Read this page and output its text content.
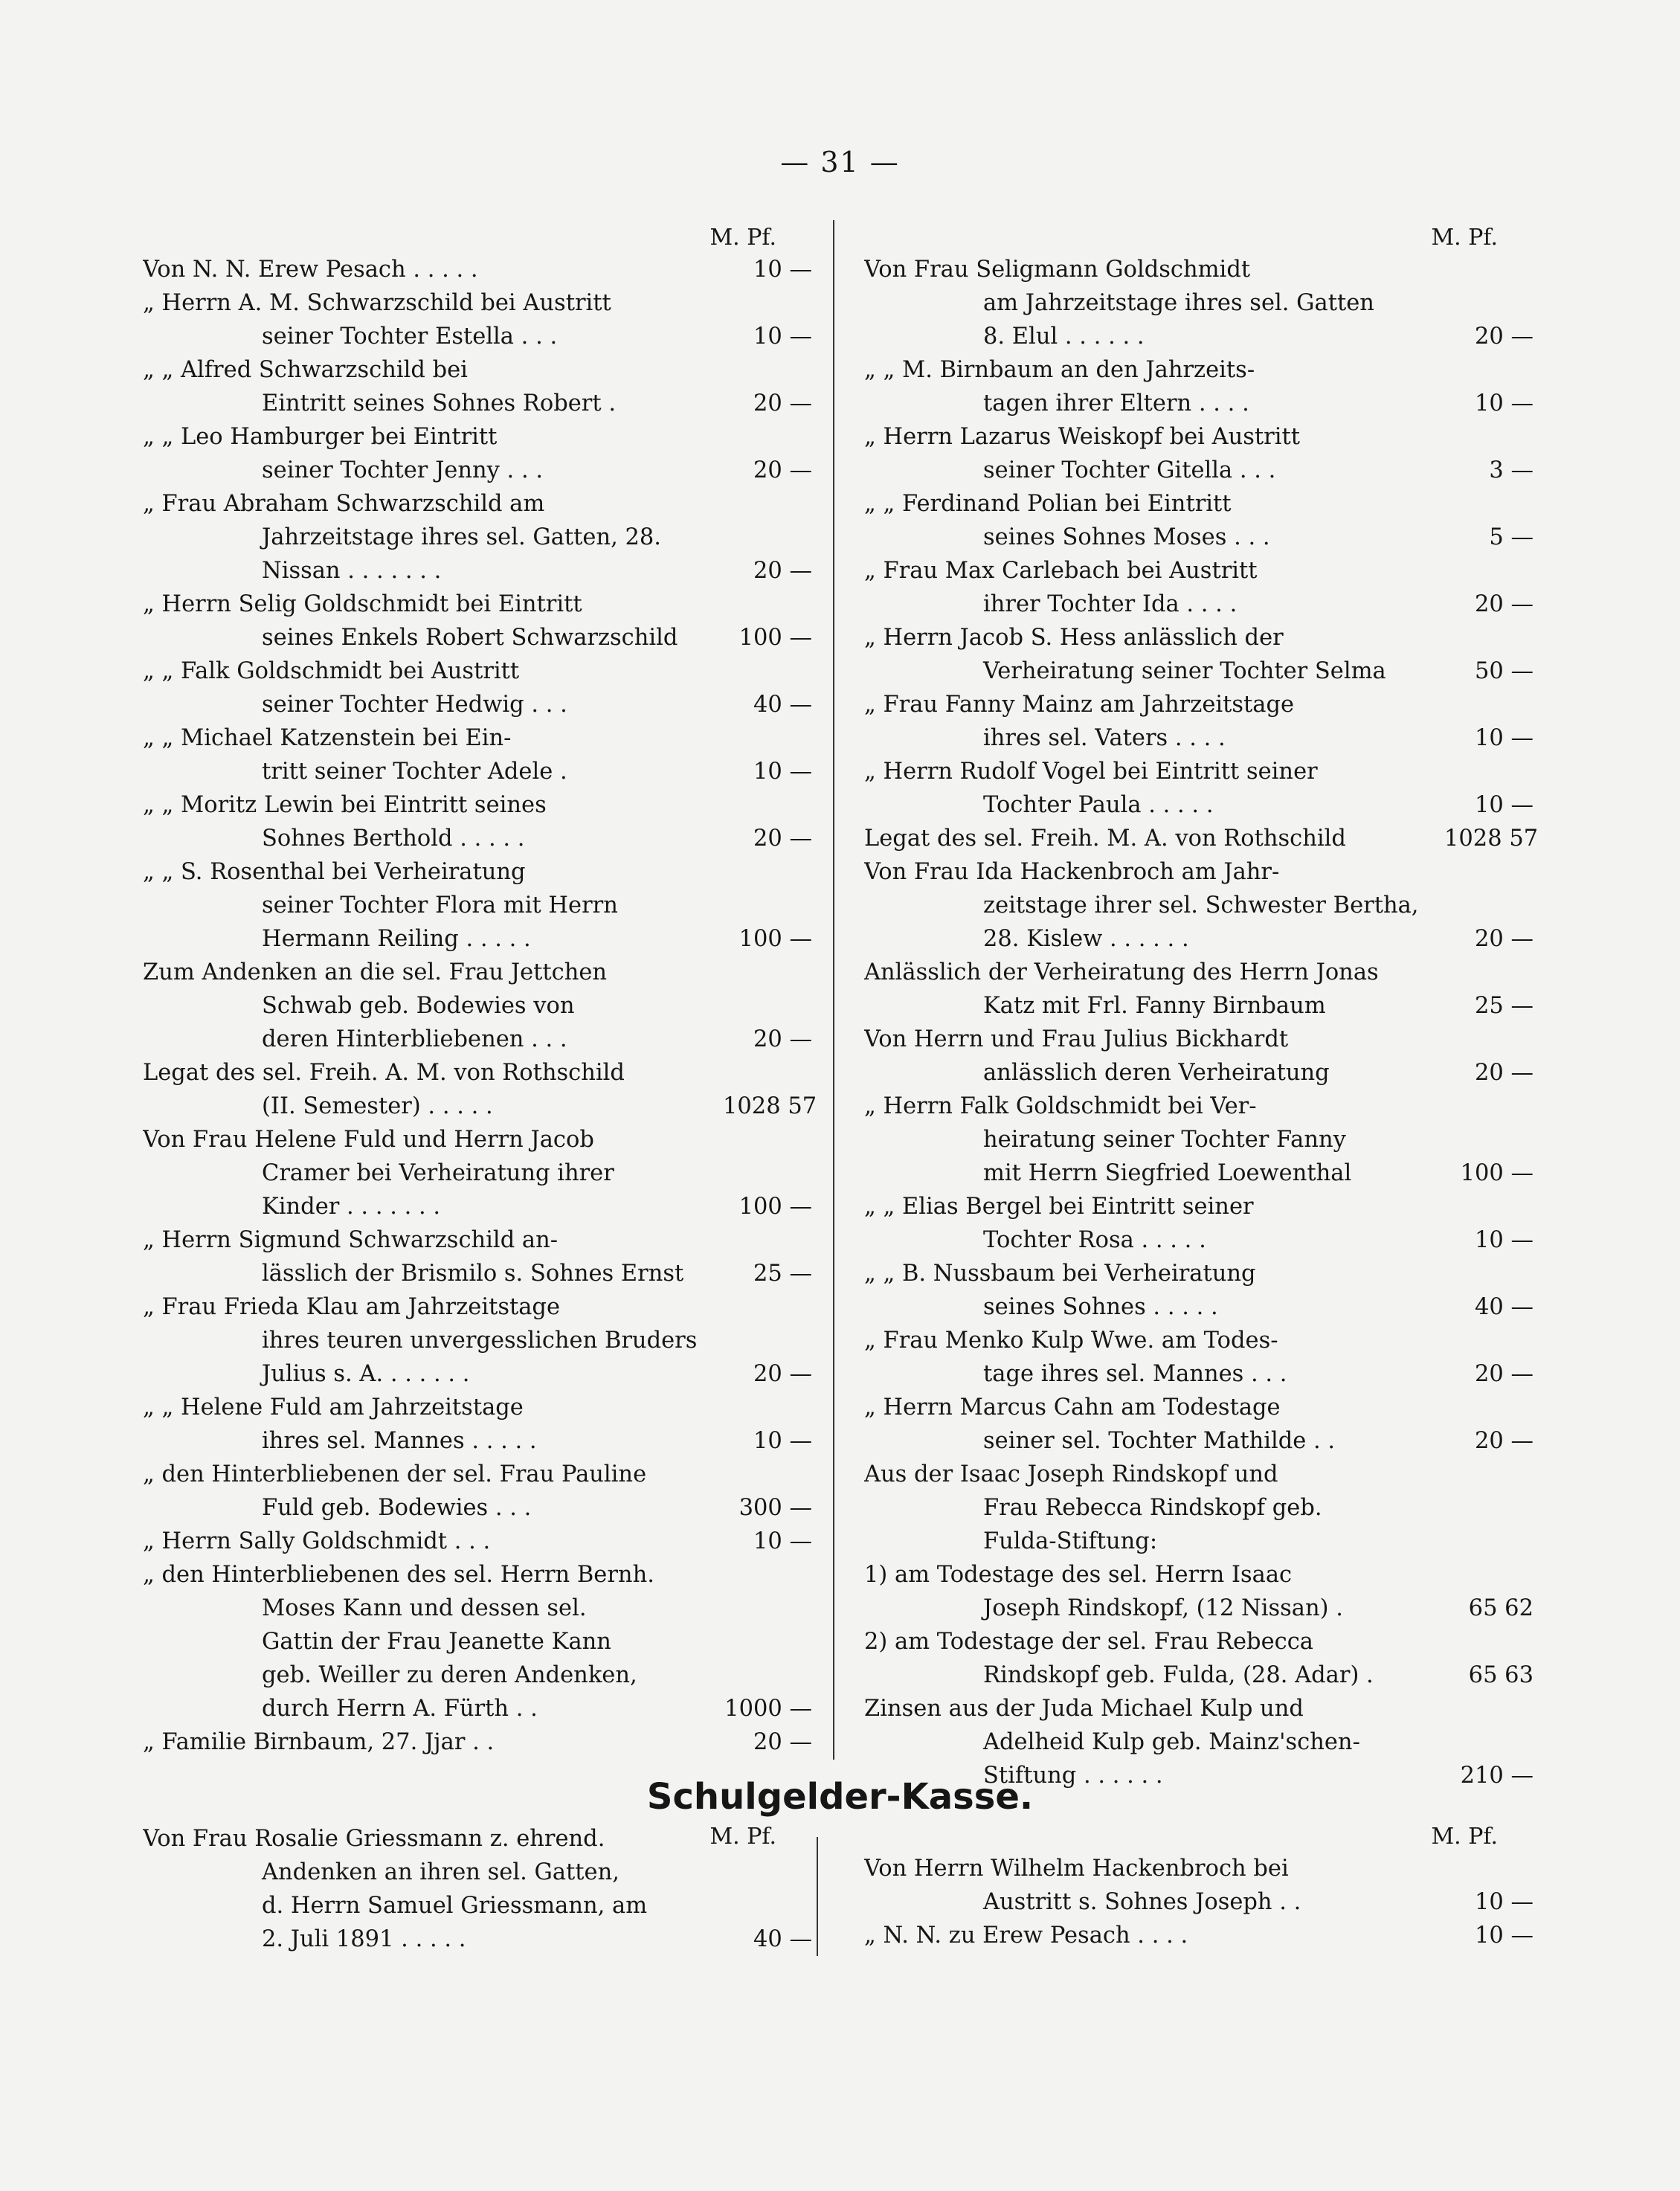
— 31 —
M. Pf.
Von N. N. Erew Pesach . . . . .	10 —
„ Herrn A. M. Schwarzschild bei Austritt
seiner Tochter Estella . . .	10 —
„ „ Alfred Schwarzschild bei
Eintritt seines Sohnes Robert .	20 —
„ „ Leo Hamburger bei Eintritt
seiner Tochter Jenny . . .	20 —
„ Frau Abraham Schwarzschild am
Jahrzeitstage ihres sel. Gatten, 28.
Nissan . . . . . . .	20 —
„ Herrn Selig Goldschmidt bei Eintritt
seines Enkels Robert Schwarzschild	100 —
„ „ Falk Goldschmidt bei Austritt
seiner Tochter Hedwig . . .	40 —
„ „ Michael Katzenstein bei Ein-
tritt seiner Tochter Adele .	10 —
„ „ Moritz Lewin bei Eintritt seines
Sohnes Berthold . . . . .	20 —
„ „ S. Rosenthal bei Verheiratung
seiner Tochter Flora mit Herrn
Hermann Reiling . . . . .	100 —
Zum Andenken an die sel. Frau Jettchen
Schwab geb. Bodewies von
deren Hinterbliebenen . . .	20 —
Legat des sel. Freih. A. M. von Rothschild
(II. Semester) . . . . .	1028 57
Von Frau Helene Fuld und Herrn Jacob
Cramer bei Verheiratung ihrer
Kinder . . . . . . .	100 —
„ Herrn Sigmund Schwarzschild an-
lässlich der Brismilo s. Sohnes Ernst	25 —
„ Frau Frieda Klau am Jahrzeitstage
ihres teuren unvergesslichen Bruders
Julius s. A. . . . . . .	20 —
„ „ Helene Fuld am Jahrzeitstage
ihres sel. Mannes . . . . .	10 —
„ den Hinterbliebenen der sel. Frau Pauline
Fuld geb. Bodewies . . .	300 —
„ Herrn Sally Goldschmidt . . .	10 —
„ den Hinterbliebenen des sel. Herrn Bernh.
Moses Kann und dessen sel.
Gattin der Frau Jeanette Kann
geb. Weiller zu deren Andenken,
durch Herrn A. Fürth . .	1000 —
„ Familie Birnbaum, 27. Jjar . .	20 —
M. Pf.
Von Frau Seligmann Goldschmidt
am Jahrzeitstage ihres sel. Gatten
8. Elul . . . . . .	20 —
„ „ M. Birnbaum an den Jahrzeits-
tagen ihrer Eltern . . . .	10 —
„ Herrn Lazarus Weiskopf bei Austritt
seiner Tochter Gitella . . .	3 —
„ „ Ferdinand Polian bei Eintritt
seines Sohnes Moses . . .	5 —
„ Frau Max Carlebach bei Austritt
ihrer Tochter Ida . . . .	20 —
„ Herrn Jacob S. Hess anlässlich der
Verheiratung seiner Tochter Selma	50 —
„ Frau Fanny Mainz am Jahrzeitstage
ihres sel. Vaters . . . .	10 —
„ Herrn Rudolf Vogel bei Eintritt seiner
Tochter Paula . . . . .	10 —
Legat des sel. Freih. M. A. von Rothschild	1028 57
Von Frau Ida Hackenbroch am Jahr-
zeitstage ihrer sel. Schwester Bertha,
28. Kislew . . . . . .	20 —
Anlässlich der Verheiratung des Herrn Jonas
Katz mit Frl. Fanny Birnbaum	25 —
Von Herrn und Frau Julius Bickhardt
anlässlich deren Verheiratung	20 —
„ Herrn Falk Goldschmidt bei Ver-
heiratung seiner Tochter Fanny
mit Herrn Siegfried Loewenthal	100 —
„ „ Elias Bergel bei Eintritt seiner
Tochter Rosa . . . . .	10 —
„ „ B. Nussbaum bei Verheiratung
seines Sohnes . . . . .	40 —
„ Frau Menko Kulp Wwe. am Todes-
tage ihres sel. Mannes . . .	20 —
„ Herrn Marcus Cahn am Todestage
seiner sel. Tochter Mathilde . .	20 —
Aus der Isaac Joseph Rindskopf und
Frau Rebecca Rindskopf geb.
Fulda-Stiftung:
1) am Todestage des sel. Herrn Isaac
Joseph Rindskopf, (12 Nissan) .	65 62
2) am Todestage der sel. Frau Rebecca
Rindskopf geb. Fulda, (28. Adar) .	65 63
Zinsen aus der Juda Michael Kulp und
Adelheid Kulp geb. Mainz'schen-
Stiftung . . . . . .	210 —
Schulgelder-Kasse.
M. Pf.
Von Frau Rosalie Griessmann z. ehrend.
Andenken an ihren sel. Gatten,
d. Herrn Samuel Griessmann, am
2. Juli 1891 . . . . .	40 —
M. Pf.
Von Herrn Wilhelm Hackenbroch bei
Austritt s. Sohnes Joseph . .	10 —
„ N. N. zu Erew Pesach . . . .	10 —
